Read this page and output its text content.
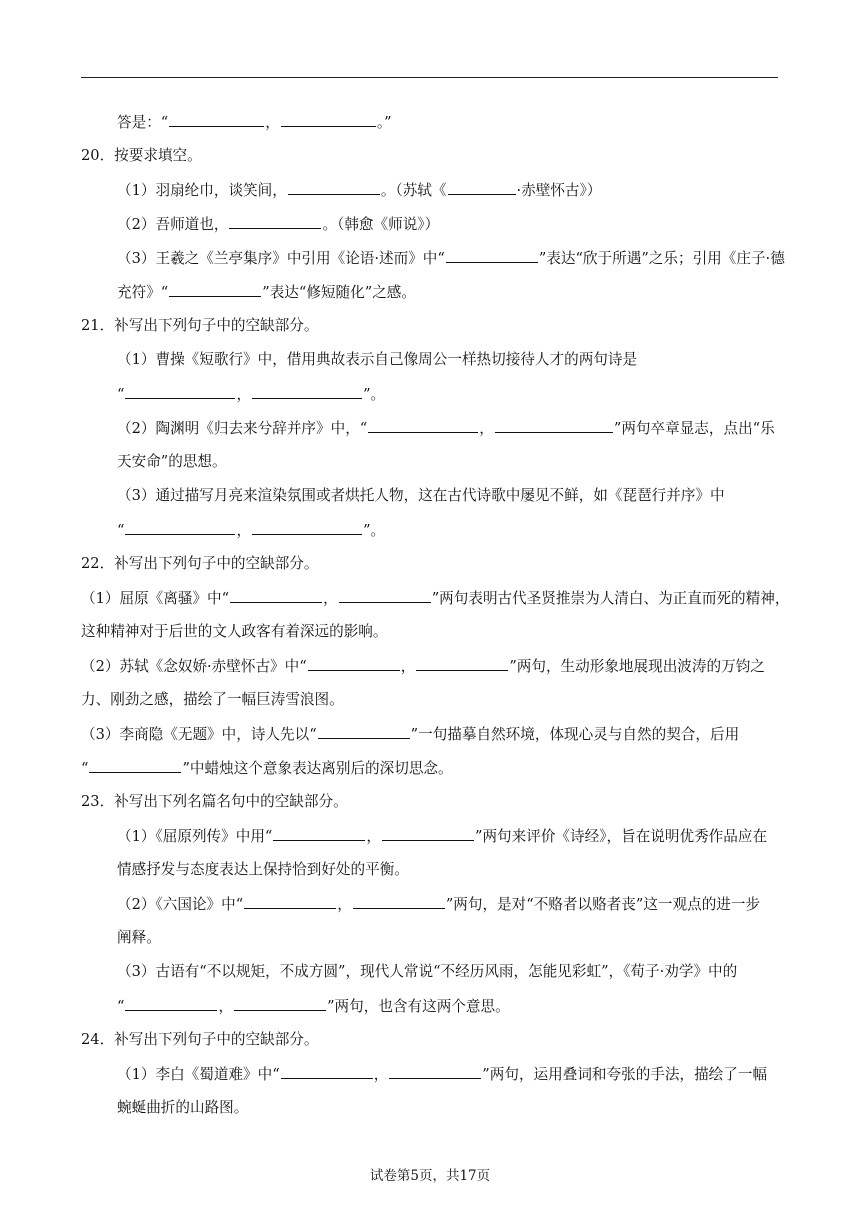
答是：“	，	。”
20．按要求填空。
（1）羽扇纶巾，谈笑间，	。（苏轼《	·赤壁怀古》）
（2）吾师道也，	。（韩愈《师说》）
（3）王羲之《兰亭集序》中引用《论语·述而》中“	”表达“欣于所遇”之乐；引用《庄子·德
充符》“	”表达“修短随化”之感。
21．补写出下列句子中的空缺部分。
（1）曹操《短歌行》中，借用典故表示自己像周公一样热切接待人才的两句诗是
“	，	”。
（2）陶渊明《归去来兮辞并序》中，“	，	”两句卒章显志，点出“乐
天安命”的思想。
（3）通过描写月亮来渲染氛围或者烘托人物，这在古代诗歌中屡见不鲜，如《琵琶行并序》中
“	，	”。
22．补写出下列句子中的空缺部分。
（1）屈原《离骚》中“	，	”两句表明古代圣贤推崇为人清白、为正直而死的精神，
这种精神对于后世的文人政客有着深远的影响。
（2）苏轼《念奴娇·赤壁怀古》中“	，	”两句，生动形象地展现出波涛的万钧之
力、刚劲之感，描绘了一幅巨涛雪浪图。
（3）李商隐《无题》中，诗人先以“	”一句描摹自然环境，体现心灵与自然的契合，后用
“	”中蜡烛这个意象表达离别后的深切思念。
23．补写出下列名篇名句中的空缺部分。
（1）《屈原列传》中用“	，	”两句来评价《诗经》，旨在说明优秀作品应在
情感抒发与态度表达上保持恰到好处的平衡。
（2）《六国论》中“	，	”两句，是对“不赂者以赂者丧”这一观点的进一步
阐释。
（3）古语有“不以规矩，不成方圆”，现代人常说“不经历风雨，怎能见彩虹”，《荀子·劝学》中的
“	，	”两句，也含有这两个意思。
24．补写出下列句子中的空缺部分。
（1）李白《蜀道难》中“	，	”两句，运用叠词和夸张的手法，描绘了一幅
蜿蜒曲折的山路图。
试卷第5页，共17页
